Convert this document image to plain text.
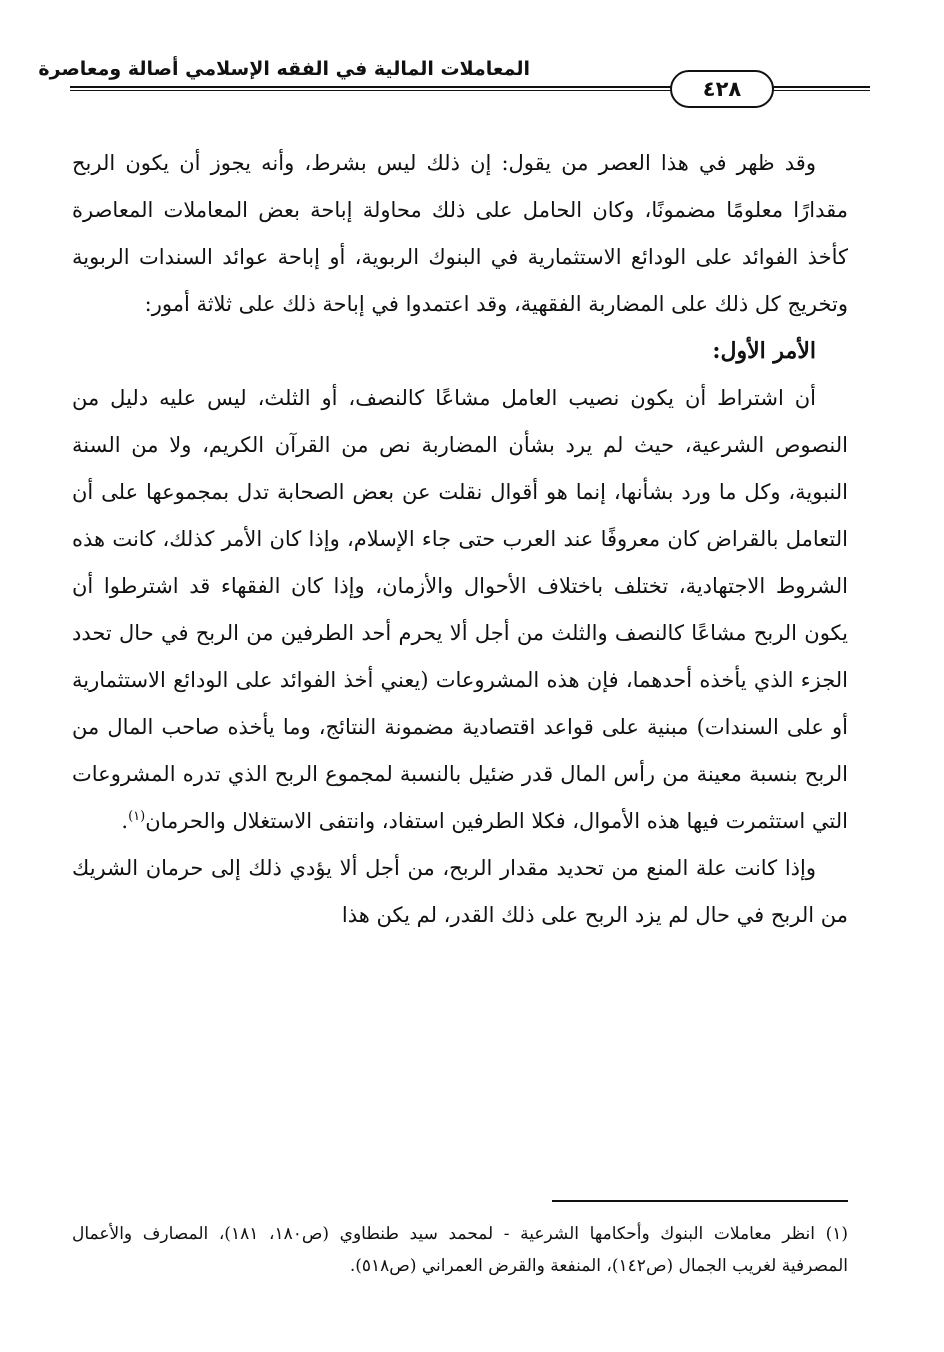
المعاملات المالية في الفقه الإسلامي أصالة ومعاصرة
٤٢٨

وقد ظهر في هذا العصر من يقول: إن ذلك ليس بشرط، وأنه يجوز أن يكون الربح مقدارًا معلومًا مضمونًا، وكان الحامل على ذلك محاولة إباحة بعض المعاملات المعاصرة كأخذ الفوائد على الودائع الاستثمارية في البنوك الربوية، أو إباحة عوائد السندات الربوية وتخريج كل ذلك على المضاربة الفقهية، وقد اعتمدوا في إباحة ذلك على ثلاثة أمور:

الأمر الأول:

أن اشتراط أن يكون نصيب العامل مشاعًا كالنصف، أو الثلث، ليس عليه دليل من النصوص الشرعية، حيث لم يرد بشأن المضاربة نص من القرآن الكريم، ولا من السنة النبوية، وكل ما ورد بشأنها، إنما هو أقوال نقلت عن بعض الصحابة تدل بمجموعها على أن التعامل بالقراض كان معروفًا عند العرب حتى جاء الإسلام، وإذا كان الأمر كذلك، كانت هذه الشروط الاجتهادية، تختلف باختلاف الأحوال والأزمان، وإذا كان الفقهاء قد اشترطوا أن يكون الربح مشاعًا كالنصف والثلث من أجل ألا يحرم أحد الطرفين من الربح في حال تحدد الجزء الذي يأخذه أحدهما، فإن هذه المشروعات (يعني أخذ الفوائد على الودائع الاستثمارية أو على السندات) مبنية على قواعد اقتصادية مضمونة النتائج، وما يأخذه صاحب المال من الربح بنسبة معينة من رأس المال قدر ضئيل بالنسبة لمجموع الربح الذي تدره المشروعات التي استثمرت فيها هذه الأموال، فكلا الطرفين استفاد، وانتفى الاستغلال والحرمان$^{(١)}$.

وإذا كانت علة المنع من تحديد مقدار الربح، من أجل ألا يؤدي ذلك إلى حرمان الشريك من الربح في حال لم يزد الربح على ذلك القدر، لم يكن هذا

(١) انظر معاملات البنوك وأحكامها الشرعية - لمحمد سيد طنطاوي (ص١٨٠، ١٨١)، المصارف والأعمال المصرفية لغريب الجمال (ص١٤٢)، المنفعة والقرض العمراني (ص٥١٨).
